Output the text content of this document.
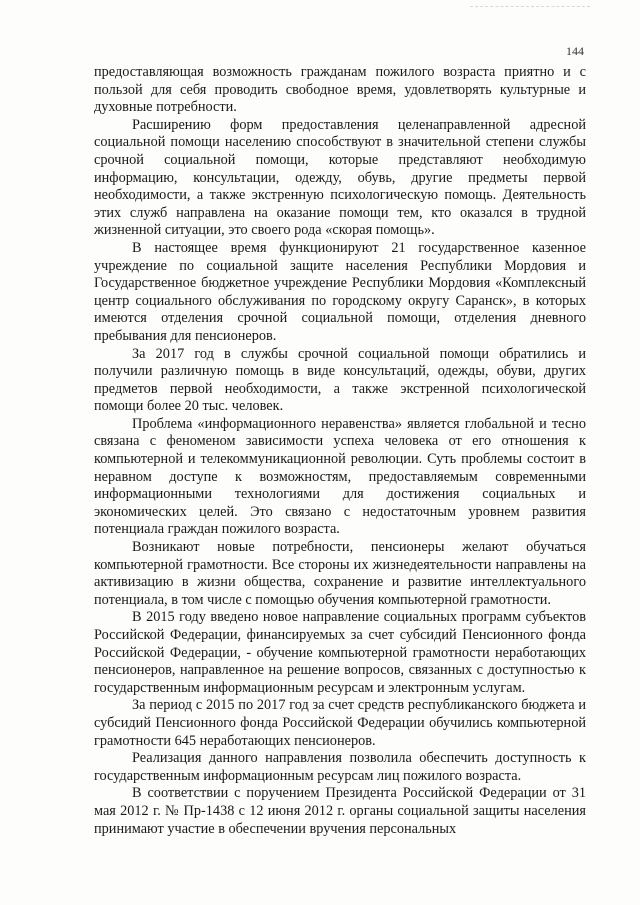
144

предоставляющая возможность гражданам пожилого возраста приятно и с пользой для себя проводить свободное время, удовлетворять культурные и духовные потребности.

Расширению форм предоставления целенаправленной адресной социальной помощи населению способствуют в значительной степени службы срочной социальной помощи, которые представляют необходимую информацию, консультации, одежду, обувь, другие предметы первой необходимости, а также экстренную психологическую помощь. Деятельность этих служб направлена на оказание помощи тем, кто оказался в трудной жизненной ситуации, это своего рода «скорая помощь».

В настоящее время функционируют 21 государственное казенное учреждение по социальной защите населения Республики Мордовия и Государственное бюджетное учреждение Республики Мордовия «Комплексный центр социального обслуживания по городскому округу Саранск», в которых имеются отделения срочной социальной помощи, отделения дневного пребывания для пенсионеров.

За 2017 год в службы срочной социальной помощи обратились и получили различную помощь в виде консультаций, одежды, обуви, других предметов первой необходимости, а также экстренной психологической помощи более 20 тыс. человек.

Проблема «информационного неравенства» является глобальной и тесно связана с феноменом зависимости успеха человека от его отношения к компьютерной и телекоммуникационной революции. Суть проблемы состоит в неравном доступе к возможностям, предоставляемым современными информационными технологиями для достижения социальных и экономических целей. Это связано с недостаточным уровнем развития потенциала граждан пожилого возраста.

Возникают новые потребности, пенсионеры желают обучаться компьютерной грамотности. Все стороны их жизнедеятельности направлены на активизацию в жизни общества, сохранение и развитие интеллектуального потенциала, в том числе с помощью обучения компьютерной грамотности.

В 2015 году введено новое направление социальных программ субъектов Российской Федерации, финансируемых за счет субсидий Пенсионного фонда Российской Федерации, - обучение компьютерной грамотности неработающих пенсионеров, направленное на решение вопросов, связанных с доступностью к государственным информационным ресурсам и электронным услугам.

За период с 2015 по 2017 год за счет средств республиканского бюджета и субсидий Пенсионного фонда Российской Федерации обучились компьютерной грамотности 645 неработающих пенсионеров.

Реализация данного направления позволила обеспечить доступность к государственным информационным ресурсам лиц пожилого возраста.

В соответствии с поручением Президента Российской Федерации от 31 мая 2012 г. № Пр-1438 с 12 июня 2012 г. органы социальной защиты населения принимают участие в обеспечении вручения персональных
